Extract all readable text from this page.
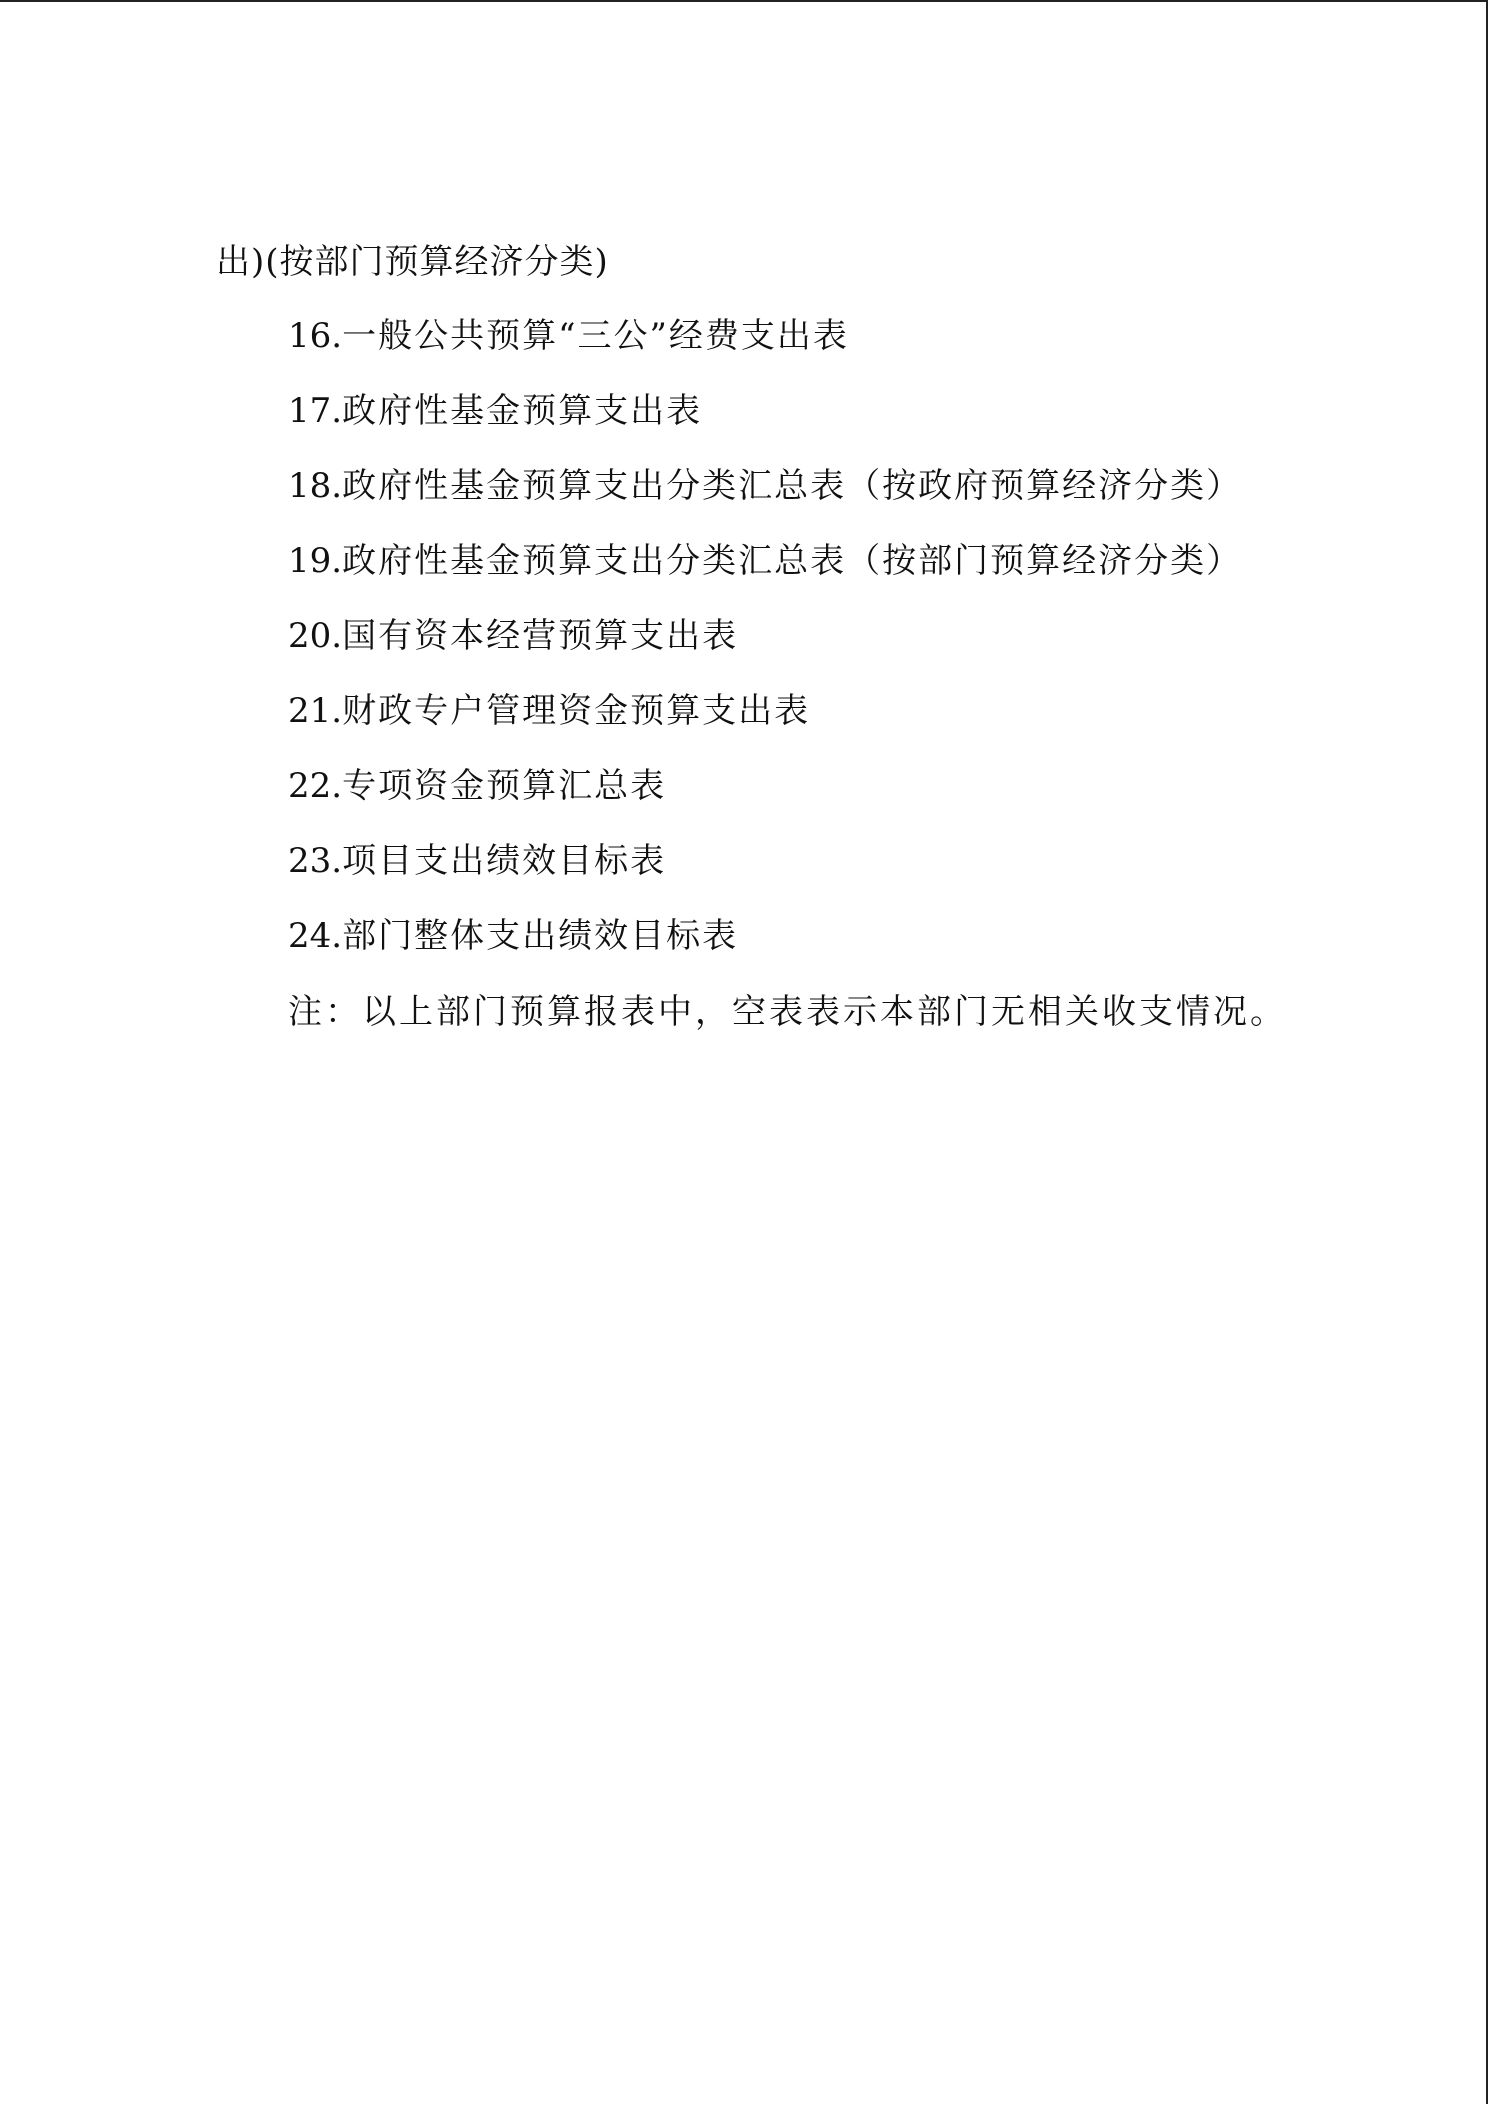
出)(按部门预算经济分类)
16.一般公共预算“三公”经费支出表
17.政府性基金预算支出表
18.政府性基金预算支出分类汇总表（按政府预算经济分类）
19.政府性基金预算支出分类汇总表（按部门预算经济分类）
20.国有资本经营预算支出表
21.财政专户管理资金预算支出表
22.专项资金预算汇总表
23.项目支出绩效目标表
24.部门整体支出绩效目标表
注：以上部门预算报表中，空表表示本部门无相关收支情况。
